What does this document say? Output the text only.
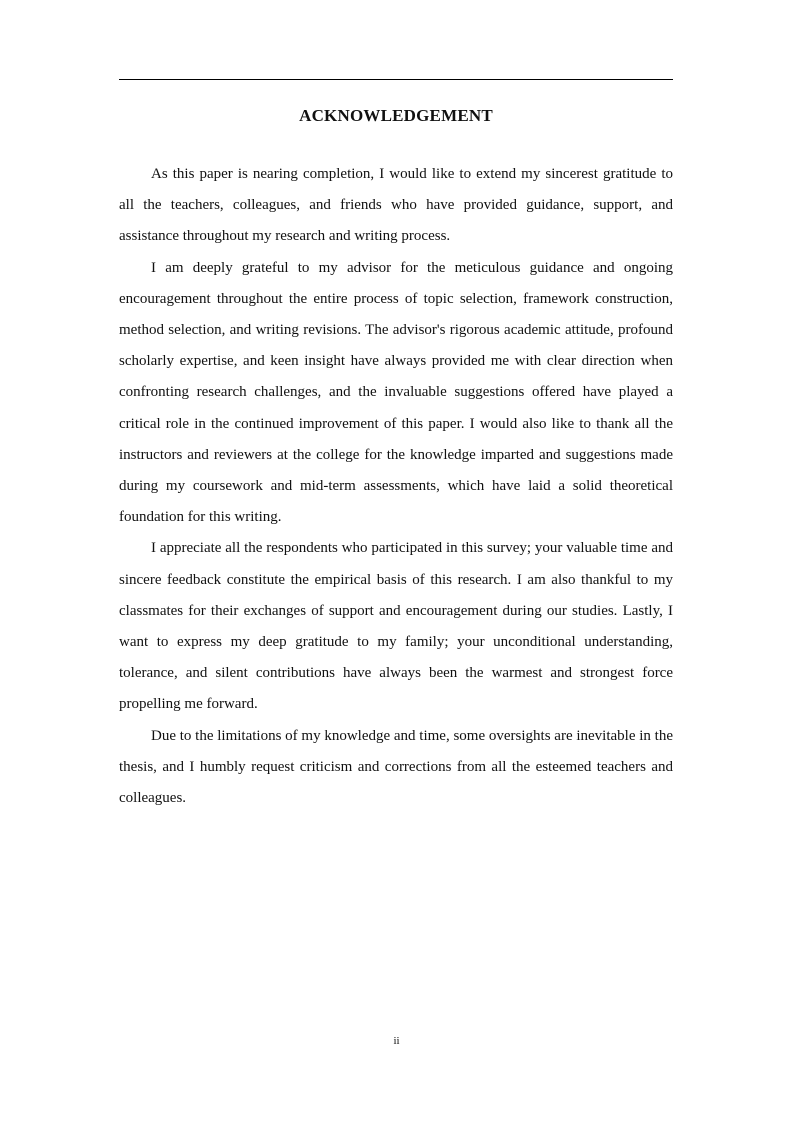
ACKNOWLEDGEMENT

As this paper is nearing completion, I would like to extend my sincerest gratitude to all the teachers, colleagues, and friends who have provided guidance, support, and assistance throughout my research and writing process.

I am deeply grateful to my advisor for the meticulous guidance and ongoing encouragement throughout the entire process of topic selection, framework construction, method selection, and writing revisions. The advisor's rigorous academic attitude, profound scholarly expertise, and keen insight have always provided me with clear direction when confronting research challenges, and the invaluable suggestions offered have played a critical role in the continued improvement of this paper. I would also like to thank all the instructors and reviewers at the college for the knowledge imparted and suggestions made during my coursework and mid-term assessments, which have laid a solid theoretical foundation for this writing.

I appreciate all the respondents who participated in this survey; your valuable time and sincere feedback constitute the empirical basis of this research. I am also thankful to my classmates for their exchanges of support and encouragement during our studies. Lastly, I want to express my deep gratitude to my family; your unconditional understanding, tolerance, and silent contributions have always been the warmest and strongest force propelling me forward.

Due to the limitations of my knowledge and time, some oversights are inevitable in the thesis, and I humbly request criticism and corrections from all the esteemed teachers and colleagues.

ii
